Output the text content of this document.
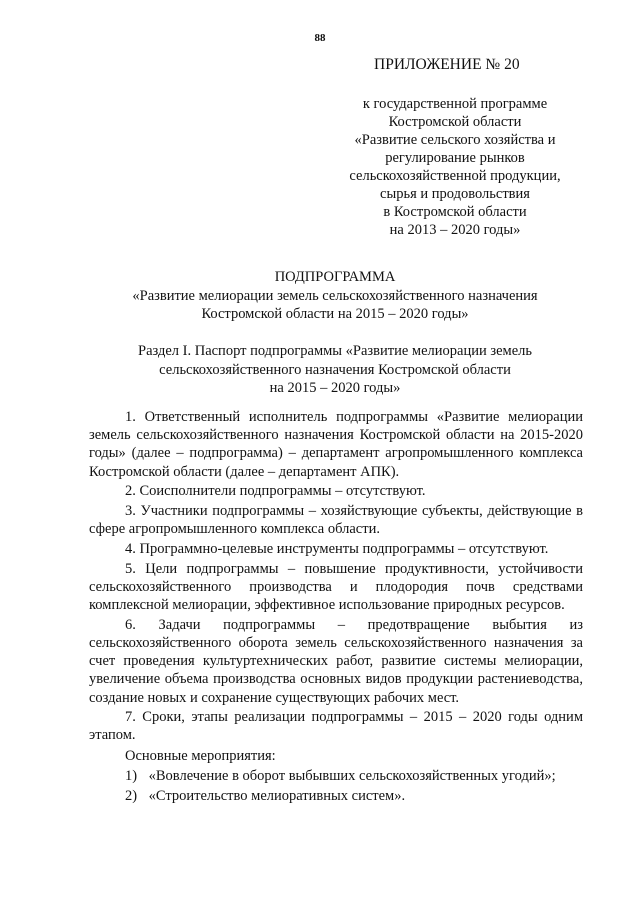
88
ПРИЛОЖЕНИЕ № 20
к государственной программе
Костромской области
«Развитие сельского хозяйства и
регулирование рынков
сельскохозяйственной продукции,
сырья и продовольствия
в Костромской области
на 2013 – 2020 годы»
ПОДПРОГРАММА
«Развитие мелиорации земель сельскохозяйственного назначения
Костромской области на 2015 – 2020 годы»
Раздел I. Паспорт подпрограммы «Развитие мелиорации земель
сельскохозяйственного назначения Костромской области
на 2015 – 2020 годы»

1. Ответственный исполнитель подпрограммы «Развитие мелиорации земель сельскохозяйственного назначения Костромской области на 2015-2020 годы» (далее – подпрограмма) – департамент агропромышленного комплекса Костромской области (далее – департамент АПК).

2. Соисполнители подпрограммы – отсутствуют.

3. Участники подпрограммы – хозяйствующие субъекты, действующие в сфере агропромышленного комплекса области.

4. Программно-целевые инструменты подпрограммы – отсутствуют.

5. Цели подпрограммы – повышение продуктивности, устойчивости сельскохозяйственного производства и плодородия почв средствами комплексной мелиорации, эффективное использование природных ресурсов.

6. Задачи подпрограммы – предотвращение выбытия из сельскохозяйственного оборота земель сельскохозяйственного назначения за счет проведения культуртехнических работ, развитие системы мелиорации, увеличение объема производства основных видов продукции растениеводства, создание новых и сохранение существующих рабочих мест.

7. Сроки, этапы реализации подпрограммы – 2015 – 2020 годы одним этапом.

Основные мероприятия:

1) «Вовлечение в оборот выбывших сельскохозяйственных угодий»;
2) «Строительство мелиоративных систем».
